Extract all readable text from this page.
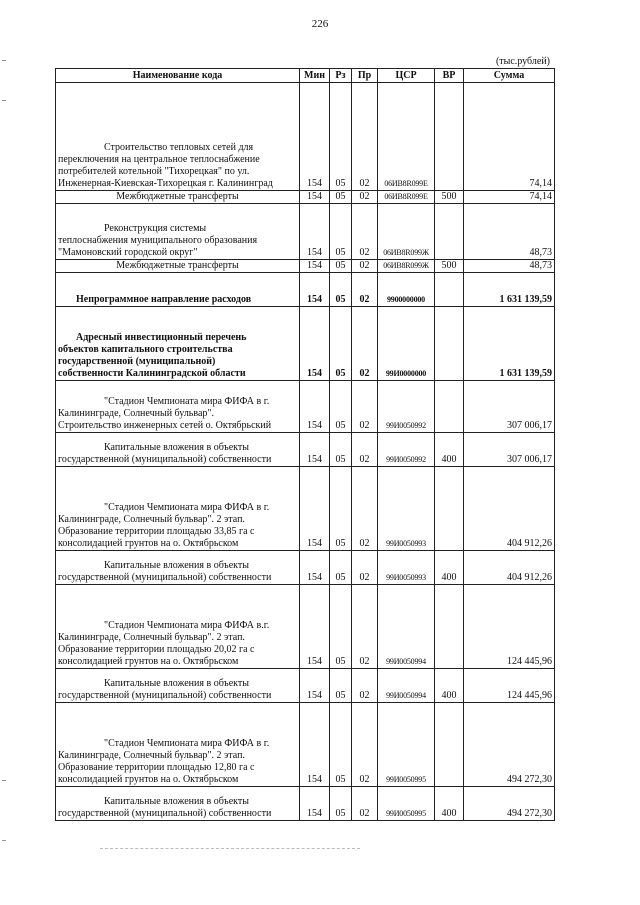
226
(тыс.рублей)
Наименование кода	Мин	Рз	Пр	ЦСР	ВР	Сумма

Строительство тепловых сетей для
переключения на центральное теплоснабжение
потребителей котельной "Тихорецкая" по ул.
Инженерная-Киевская-Тихорецкая г. Калининград	154	05	02	06ИВ8R099Е		74,14

Межбюджетные трансферты	154	05	02	06ИВ8R099Е	500	74,14

Реконструкция системы
теплоснабжения муниципального образования
"Мамоновский городской округ"	154	05	02	06ИВ8R099Ж		48,73

Межбюджетные трансферты	154	05	02	06ИВ8R099Ж	500	48,73

Непрограммное направление расходов	154	05	02	9900000000		1 631 139,59

Адресный инвестиционный перечень
объектов капитального строительства
государственной (муниципальной)
собственности Калининградской области	154	05	02	99И0000000		1 631 139,59

"Стадион Чемпионата мира ФИФА в г.
Калининграде, Солнечный бульвар".
Строительство инженерных сетей о. Октябрьский	154	05	02	99И0050992		307 006,17

Капитальные вложения в объекты
государственной (муниципальной) собственности	154	05	02	99И0050992	400	307 006,17

"Стадион Чемпионата мира ФИФА в г.
Калининграде, Солнечный бульвар". 2 этап.
Образование территории площадью 33,85 га с
консолидацией грунтов на о. Октябрьском	154	05	02	99И0050993		404 912,26

Капитальные вложения в объекты
государственной (муниципальной) собственности	154	05	02	99И0050993	400	404 912,26

"Стадион Чемпионата мира ФИФА в.г.
Калининграде, Солнечный бульвар". 2 этап.
Образование территории площадью 20,02 га с
консолидацией грунтов на о. Октябрьском	154	05	02	99И0050994		124 445,96

Капитальные вложения в объекты
государственной (муниципальной) собственности	154	05	02	99И0050994	400	124 445,96

"Стадион Чемпионата мира ФИФА в г.
Калининграде, Солнечный бульвар". 2 этап.
Образование территории площадью 12,80 га с
консолидацией грунтов на о. Октябрьском	154	05	02	99И0050995		494 272,30

Капитальные вложения в объекты
государственной (муниципальной) собственности	154	05	02	99И0050995	400	494 272,30
